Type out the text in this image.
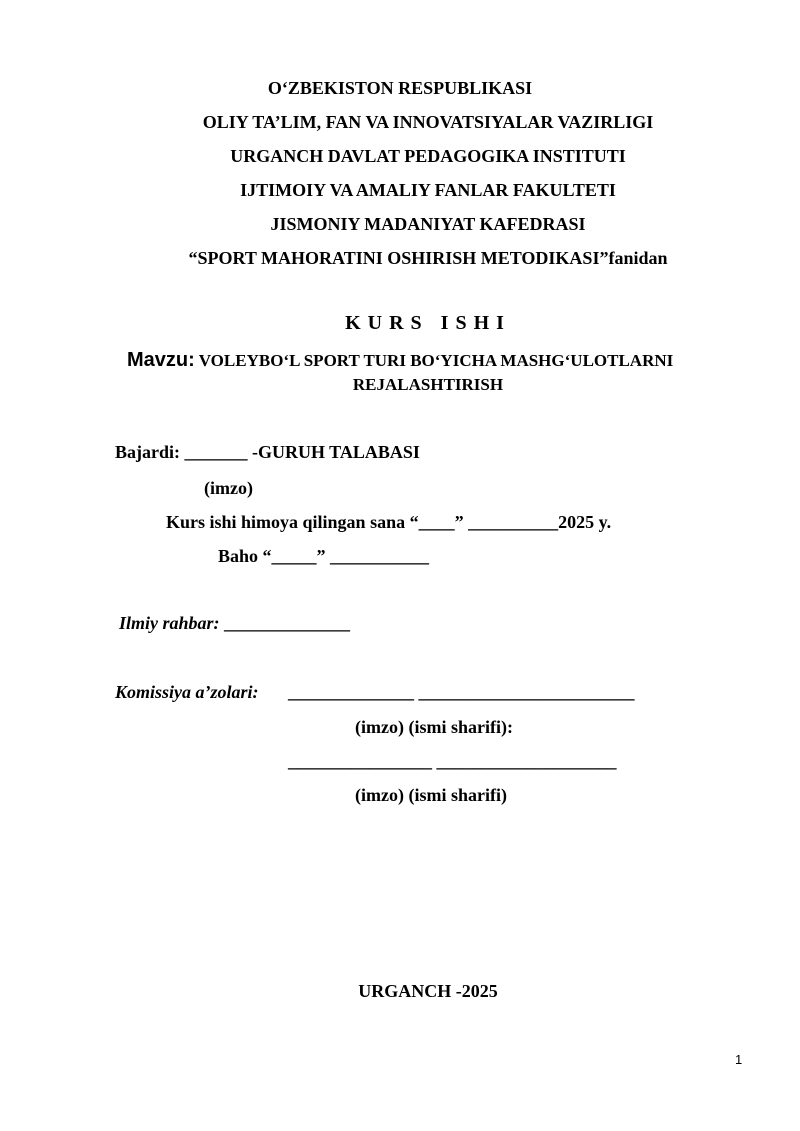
O‘ZBEKISTON RESPUBLIKASI
OLIY TA’LIM, FAN VA INNOVATSIYALAR VAZIRLIGI
URGANCH DAVLAT PEDAGOGIKA INSTITUTI
IJTIMOIY VA AMALIY FANLAR FAKULTETI
JISMONIY MADANIYAT KAFEDRASI
“SPORT MAHORATINI OSHIRISH METODIKASI”fanidan
KURS ISHI
Mavzu: VOLEYBO‘L SPORT TURI BO‘YICHA MASHG‘ULOTLARNI
REJALASHTIRISH
Bajardi: _______ -GURUH TALABASI
(imzo)
Kurs ishi himoya qilingan sana “____” __________2025 y.
Baho “_____” ___________
Ilmiy rahbar: ______________
Komissiya a’zolari: ______________ ________________________
(imzo) (ismi sharifi):
________________ ____________________
(imzo) (ismi sharifi)
URGANCH -2025
1
